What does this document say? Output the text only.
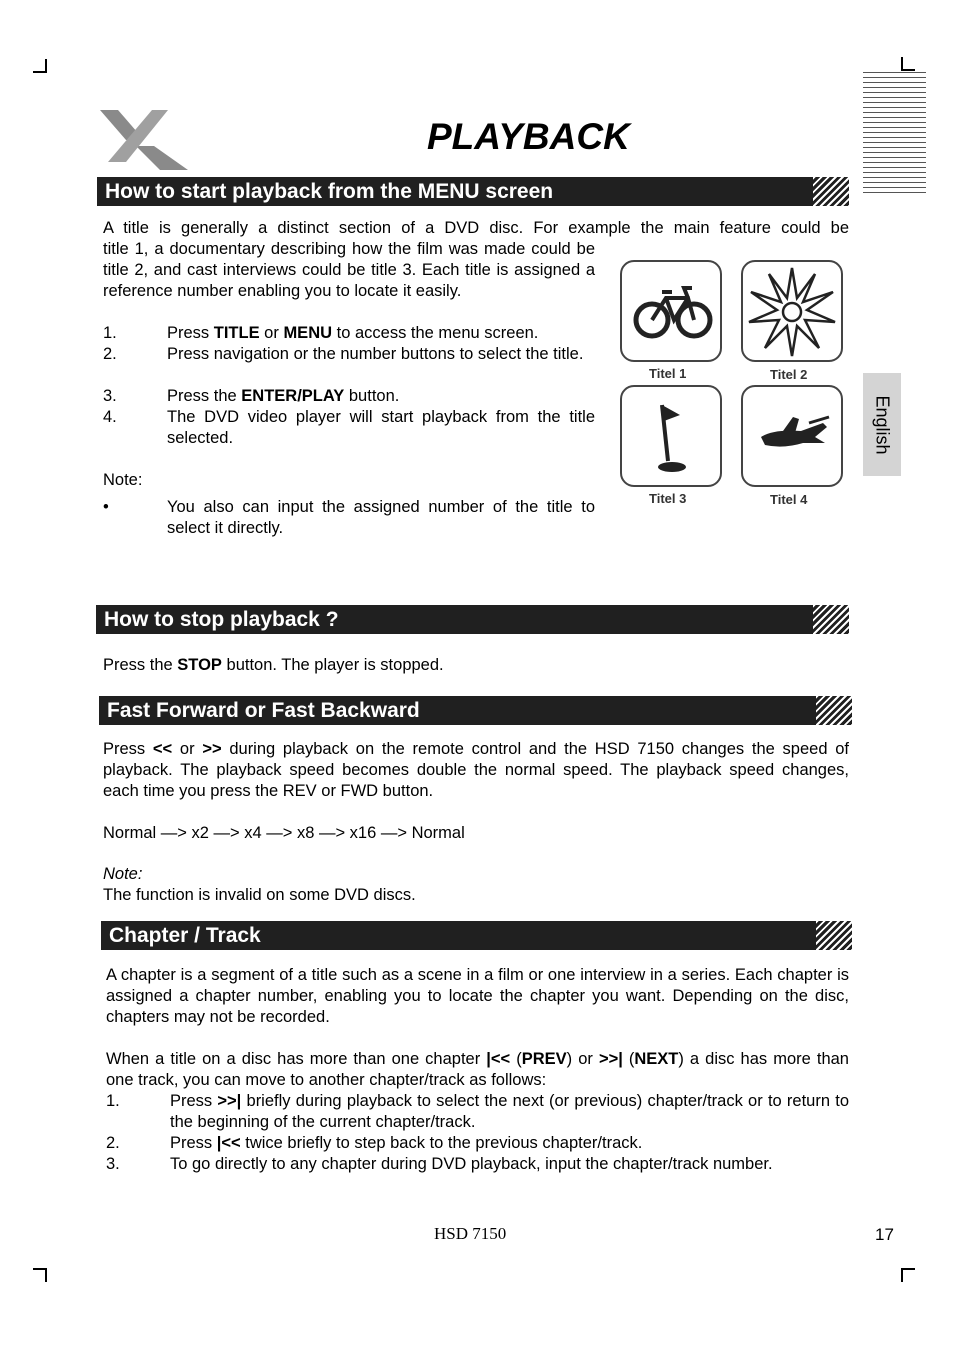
PLAYBACK
English
How to start playback from the MENU screen
A title is generally a distinct section of a DVD disc. For example the main feature could be
title 1, a documentary describing how the film was made could be title 2, and cast interviews could be title 3. Each title is assigned a reference number enabling you to locate it easily.
1.	Press TITLE or MENU to access the menu screen.
2.	Press navigation or the number buttons to select the title.
3.	Press the ENTER/PLAY button.
4.	The DVD video player will start playback from the title selected.
Note:
•	You also can input the assigned number of the title to select it directly.
Titel 1	Titel 2
Titel 3	Titel 4
How to stop playback ?
Press the STOP button. The player is stopped.
Fast Forward or Fast Backward
Press << or >> during playback on the remote control and the HSD 7150 changes the speed of playback. The playback speed becomes double the normal speed. The playback speed changes, each time you press the REV or FWD button.
Normal —> x2 —> x4 —> x8 —> x16 —> Normal
Note:
The function is invalid on some DVD discs.
Chapter / Track
A chapter is a segment of a title such as a scene in a film or one interview in a series. Each chapter is assigned a chapter number, enabling you to locate the chapter you want. Depending on the disc, chapters may not be recorded.
When a title on a disc has more than one chapter |<< (PREV) or >>| (NEXT) a disc has more than one track, you can move to another chapter/track as follows:
1.	Press >>| briefly during playback to select the next (or previous) chapter/track or to return to the beginning of the current chapter/track.
2.	Press |<< twice briefly to step back to the previous chapter/track.
3.	To go directly to any chapter during DVD playback, input the chapter/track number.
HSD 7150	17
